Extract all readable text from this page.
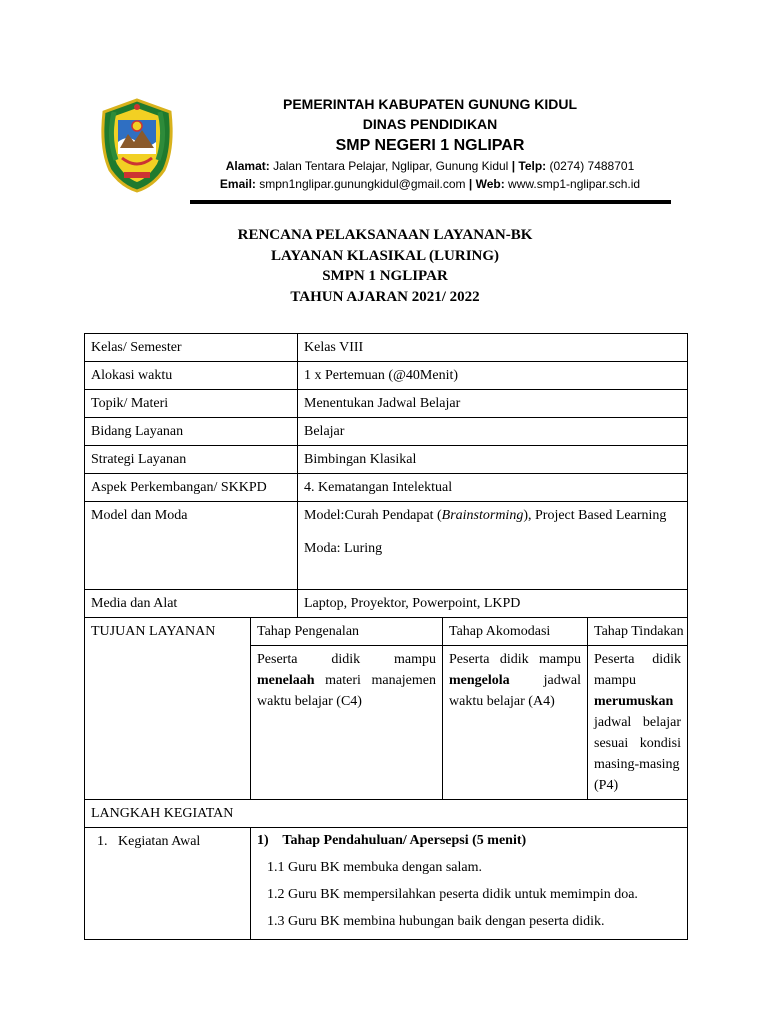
PEMERINTAH KABUPATEN GUNUNG KIDUL
DINAS PENDIDIKAN
SMP NEGERI 1 NGLIPAR
Alamat: Jalan Tentara Pelajar, Nglipar, Gunung Kidul | Telp: (0274) 7488701
Email: smpn1nglipar.gunungkidul@gmail.com | Web: www.smp1-nglipar.sch.id
RENCANA PELAKSANAAN LAYANAN-BK
LAYANAN KLASIKAL (LURING)
SMPN 1 NGLIPAR
TAHUN AJARAN 2021/ 2022
Kelas/ Semester		Kelas VIII		
Alokasi waktu		1 x Pertemuan (@40Menit)		
Topik/ Materi		Menentukan Jadwal Belajar		
Bidang Layanan		Belajar		
Strategi Layanan		Bimbingan Klasikal		
Aspek Perkembangan/ SKKPD		4. Kematangan Intelektual		
Model dan Moda		Model:Curah Pendapat (Brainstorming), Project Based Learning

Moda: Luring		

Media dan Alat		Laptop, Proyektor, Powerpoint, LKPD		
TUJUAN LAYANAN	Tahap Pengenalan		Tahap Akomodasi	Tahap Tindakan
	Peserta didik mampu menelaah materi manajemen waktu belajar (C4)		Peserta didik mampu mengelola jadwal waktu belajar (A4)	Peserta didik mampu merumuskan jadwal belajar sesuai kondisi masing-masing (P4)
LANGKAH KEGIATAN				
1.   Kegiatan Awal	1)    Tahap Pendahuluan/ Apersepsi (5 menit)
1.1 Guru BK membuka dengan salam.
1.2 Guru BK mempersilahkan peserta didik untuk memimpin doa.
1.3 Guru BK membina hubungan baik dengan peserta didik.			
